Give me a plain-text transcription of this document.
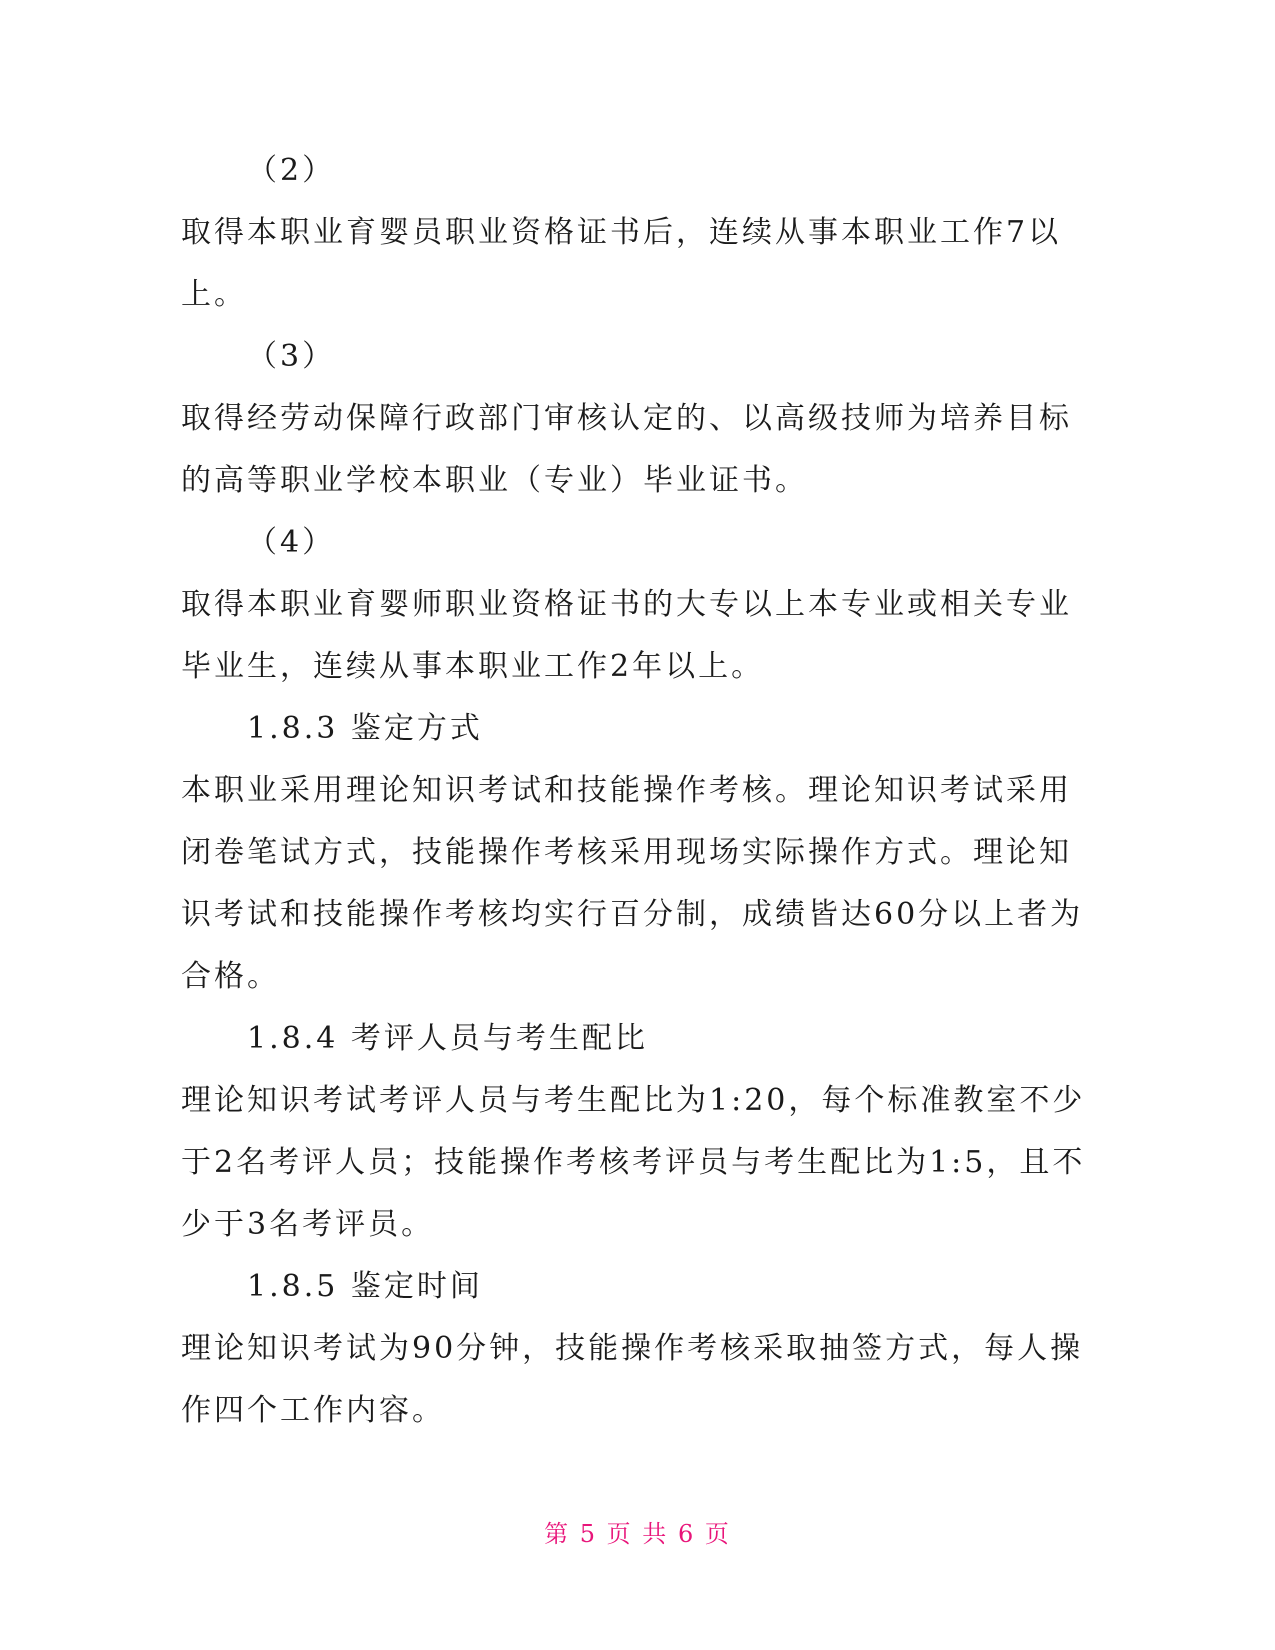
（2）
取得本职业育婴员职业资格证书后，连续从事本职业工作7以
上。
（3）
取得经劳动保障行政部门审核认定的、以高级技师为培养目标
的高等职业学校本职业（专业）毕业证书。
（4）
取得本职业育婴师职业资格证书的大专以上本专业或相关专业
毕业生，连续从事本职业工作2年以上。
1.8.3 鉴定方式
本职业采用理论知识考试和技能操作考核。理论知识考试采用
闭卷笔试方式，技能操作考核采用现场实际操作方式。理论知
识考试和技能操作考核均实行百分制，成绩皆达60分以上者为
合格。
1.8.4 考评人员与考生配比
理论知识考试考评人员与考生配比为1:20，每个标准教室不少
于2名考评人员；技能操作考核考评员与考生配比为1:5，且不
少于3名考评员。
1.8.5 鉴定时间
理论知识考试为90分钟，技能操作考核采取抽签方式，每人操
作四个工作内容。
第 5 页 共 6 页
